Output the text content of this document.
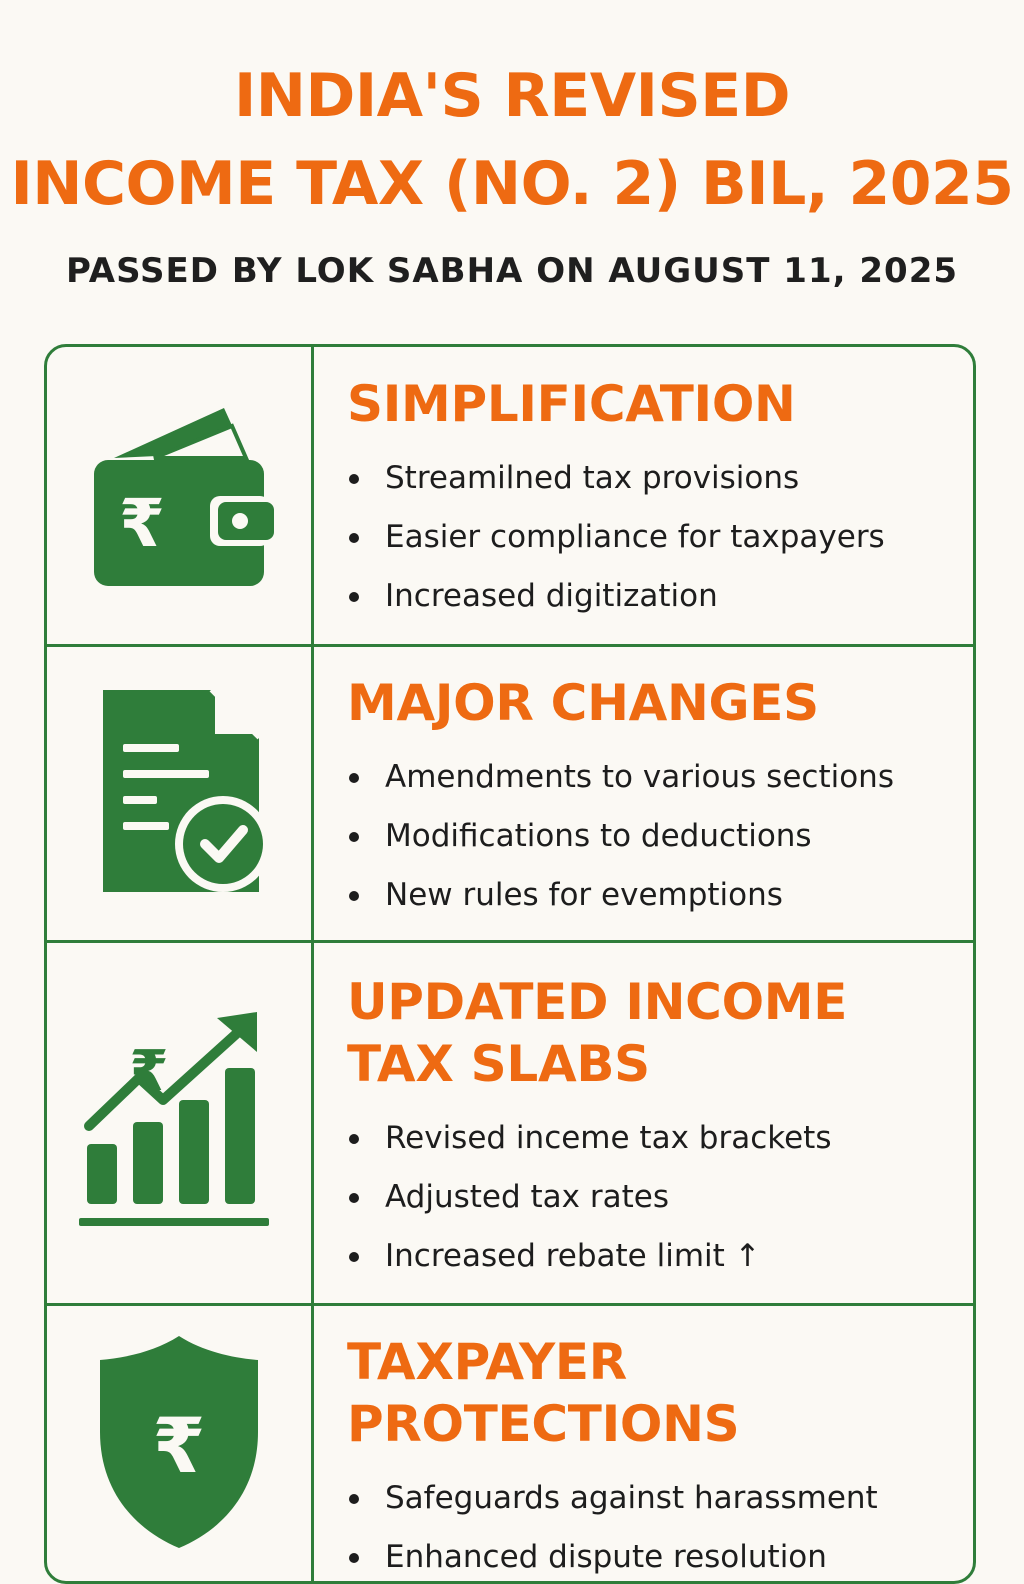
INDIA'S REVISED
INCOME TAX (NO. 2) BIL, 2025

PASSED BY LOK SABHA ON AUGUST 11, 2025

₹
SIMPLIFICATION
Streamilned tax provisions
Easier compliance for taxpayers
Increased digitization
MAJOR CHANGES
Amendments to various sections
Modifications to deductions
New rules for evemptions
₹
UPDATED INCOME
TAX SLABS
Revised inceme tax brackets
Adjusted tax rates
Increased rebate limit ↑
₹
TAXPAYER PROTECTIONS
Safeguards against harassment
Enhanced dispute resolution
